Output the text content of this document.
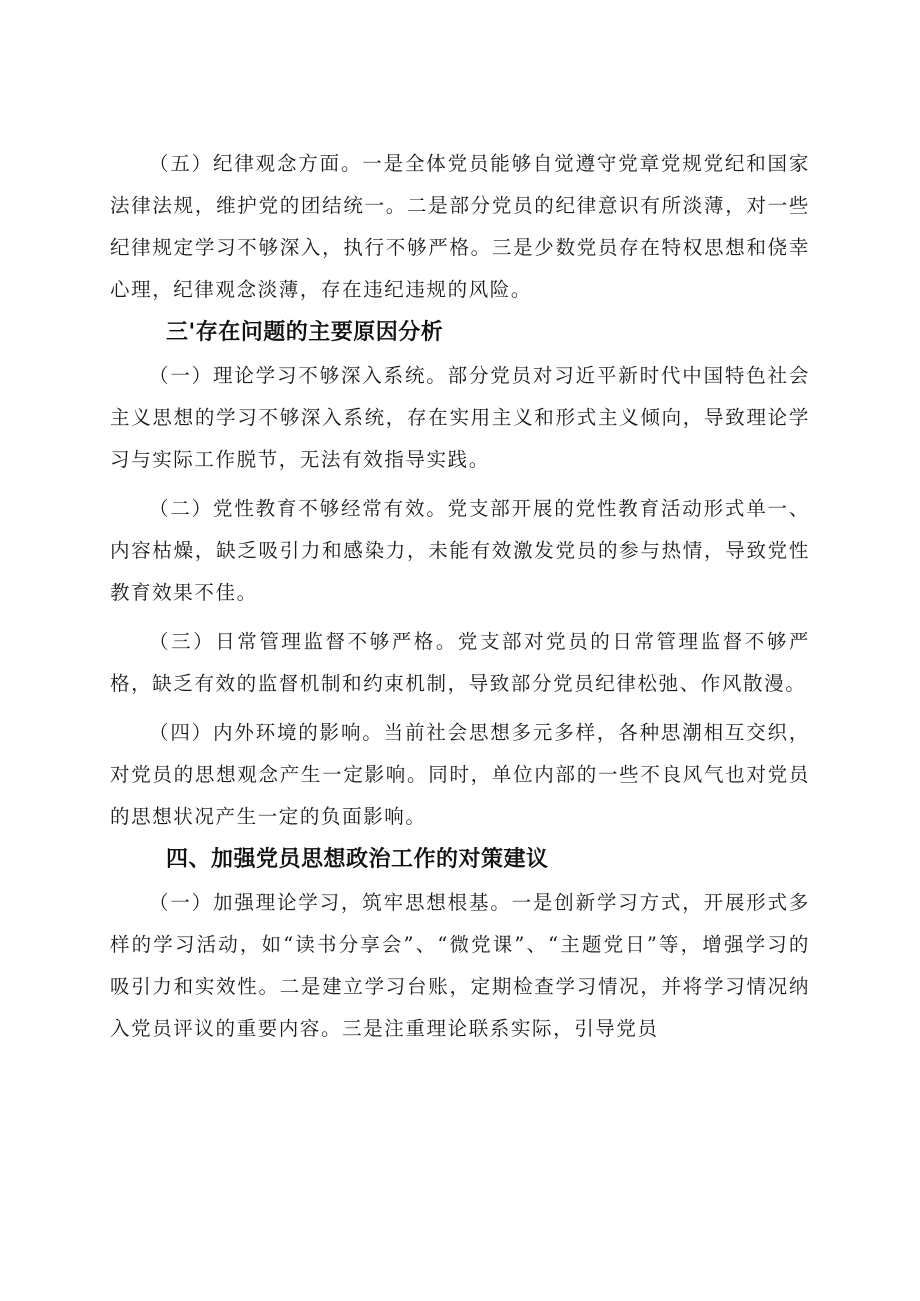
（五）纪律观念方面。一是全体党员能够自觉遵守党章党规党纪和国家法律法规，维护党的团结统一。二是部分党员的纪律意识有所淡薄，对一些纪律规定学习不够深入，执行不够严格。三是少数党员存在特权思想和侥幸心理，纪律观念淡薄，存在违纪违规的风险。

三'存在问题的主要原因分析

（一）理论学习不够深入系统。部分党员对习近平新时代中国特色社会主义思想的学习不够深入系统，存在实用主义和形式主义倾向，导致理论学习与实际工作脱节，无法有效指导实践。

（二）党性教育不够经常有效。党支部开展的党性教育活动形式单一、内容枯燥，缺乏吸引力和感染力，未能有效激发党员的参与热情，导致党性教育效果不佳。

（三）日常管理监督不够严格。党支部对党员的日常管理监督不够严格，缺乏有效的监督机制和约束机制，导致部分党员纪律松弛、作风散漫。

（四）内外环境的影响。当前社会思想多元多样，各种思潮相互交织，对党员的思想观念产生一定影响。同时，单位内部的一些不良风气也对党员的思想状况产生一定的负面影响。

四、加强党员思想政治工作的对策建议

（一）加强理论学习，筑牢思想根基。一是创新学习方式，开展形式多样的学习活动，如“读书分享会”、“微党课”、“主题党日”等，增强学习的吸引力和实效性。二是建立学习台账，定期检查学习情况，并将学习情况纳入党员评议的重要内容。三是注重理论联系实际，引导党员
